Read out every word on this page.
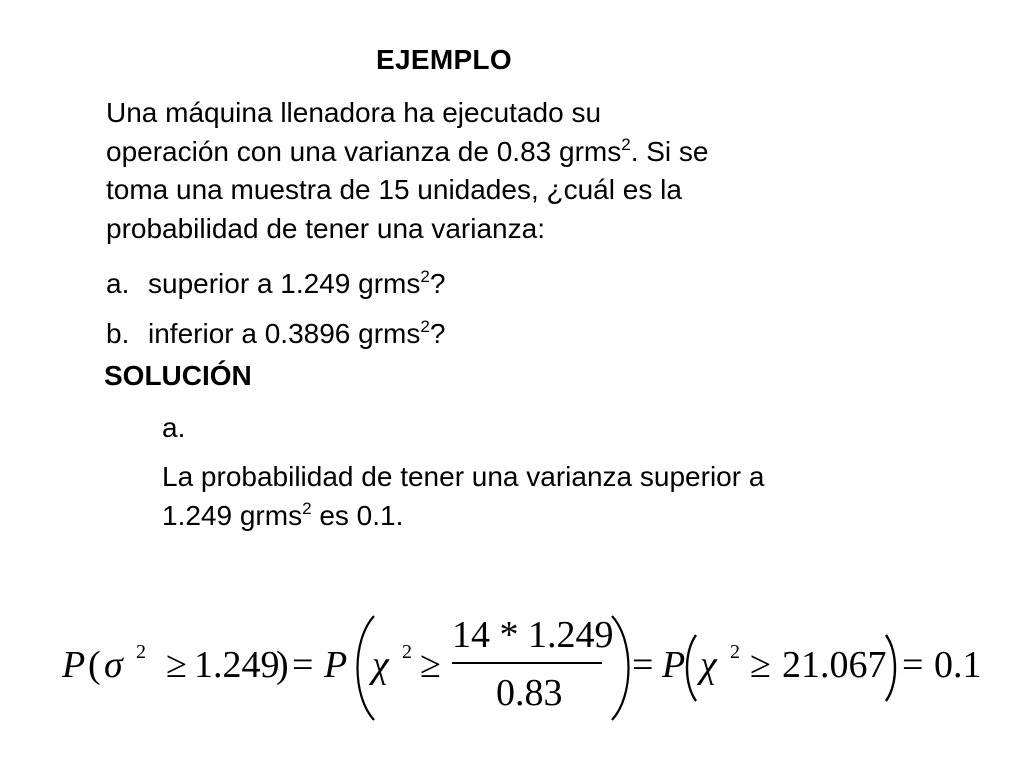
EJEMPLO
Una máquina llenadora ha ejecutado su
operación con una varianza de 0.83 grms$^2$. Si se
toma una muestra de 15 unidades, ¿cuál es la
probabilidad de tener una varianza:
a. superior a 1.249 grms$^2$?
b. inferior a 0.3896 grms$^2$?
SOLUCIÓN
a.
La probabilidad de tener una varianza superior a
1.249 grms$^2$ es 0.1.
P ( σ 2 ≥ 1.249
) = P χ 2 ≥
14 * 1.249
0.83
= P χ 2 ≥ 21.067 = 0.1
